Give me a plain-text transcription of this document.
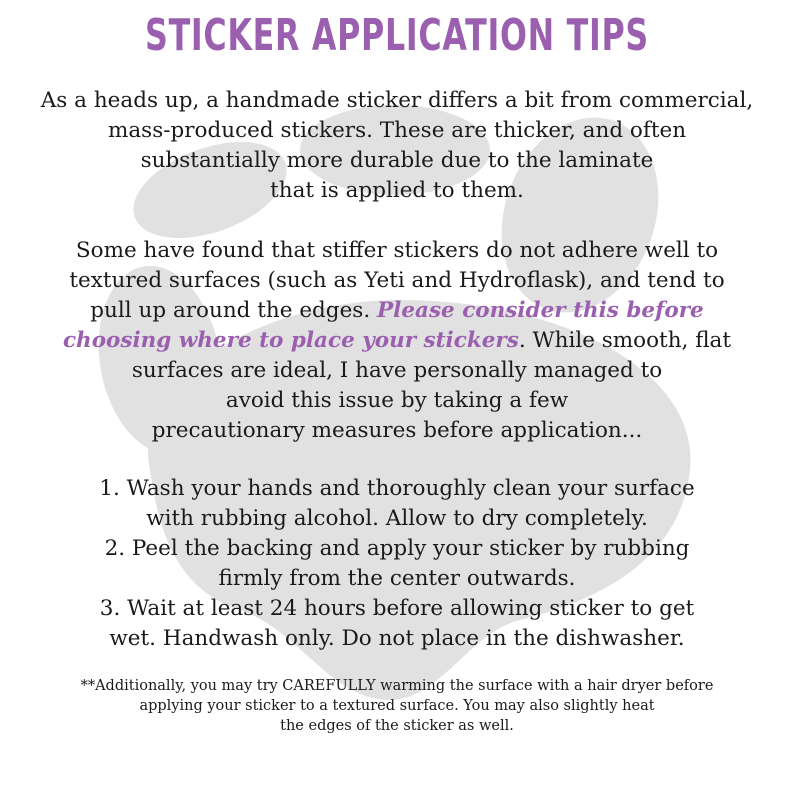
STICKER APPLICATION TIPS

As a heads up, a handmade sticker differs a bit from commercial,
mass-produced stickers. These are thicker, and often
substantially more durable due to the laminate
that is applied to them.

Some have found that stiffer stickers do not adhere well to
textured surfaces (such as Yeti and Hydroflask), and tend to
pull up around the edges. Please consider this before
choosing where to place your stickers. While smooth, flat
surfaces are ideal, I have personally managed to
avoid this issue by taking a few
precautionary measures before application...

1. Wash your hands and thoroughly clean your surface
with rubbing alcohol. Allow to dry completely.
2. Peel the backing and apply your sticker by rubbing
firmly from the center outwards.
3. Wait at least 24 hours before allowing sticker to get
wet. Handwash only. Do not place in the dishwasher.

**Additionally, you may try CAREFULLY warming the surface with a hair dryer before
applying your sticker to a textured surface. You may also slightly heat
the edges of the sticker as well.
